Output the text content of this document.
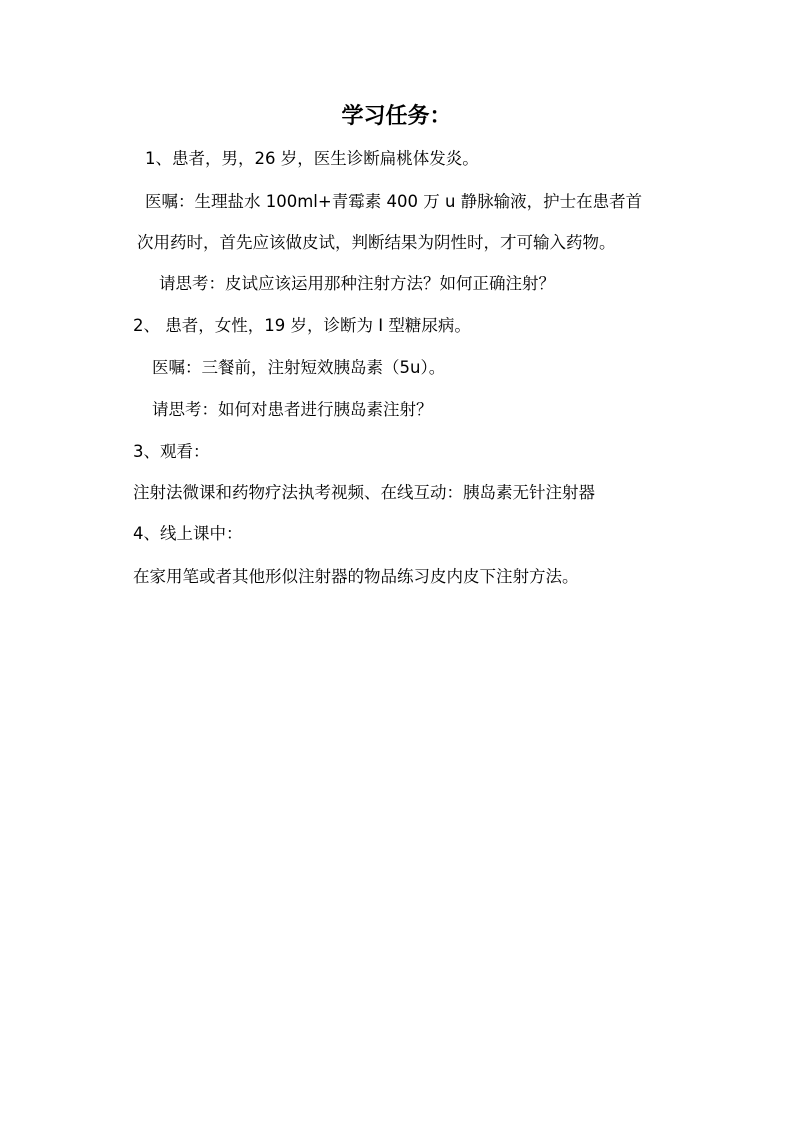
学习任务：
1、患者，男，26 岁，医生诊断扁桃体发炎。
医嘱：生理盐水 100ml+青霉素 400 万 u 静脉输液，护士在患者首
次用药时，首先应该做皮试，判断结果为阴性时，才可输入药物。
请思考：皮试应该运用那种注射方法？如何正确注射？
2、 患者，女性，19 岁，诊断为 I 型糖尿病。
医嘱：三餐前，注射短效胰岛素（5u）。
请思考：如何对患者进行胰岛素注射？
3、观看：
注射法微课和药物疗法执考视频、在线互动：胰岛素无针注射器
4、线上课中：
在家用笔或者其他形似注射器的物品练习皮内皮下注射方法。
